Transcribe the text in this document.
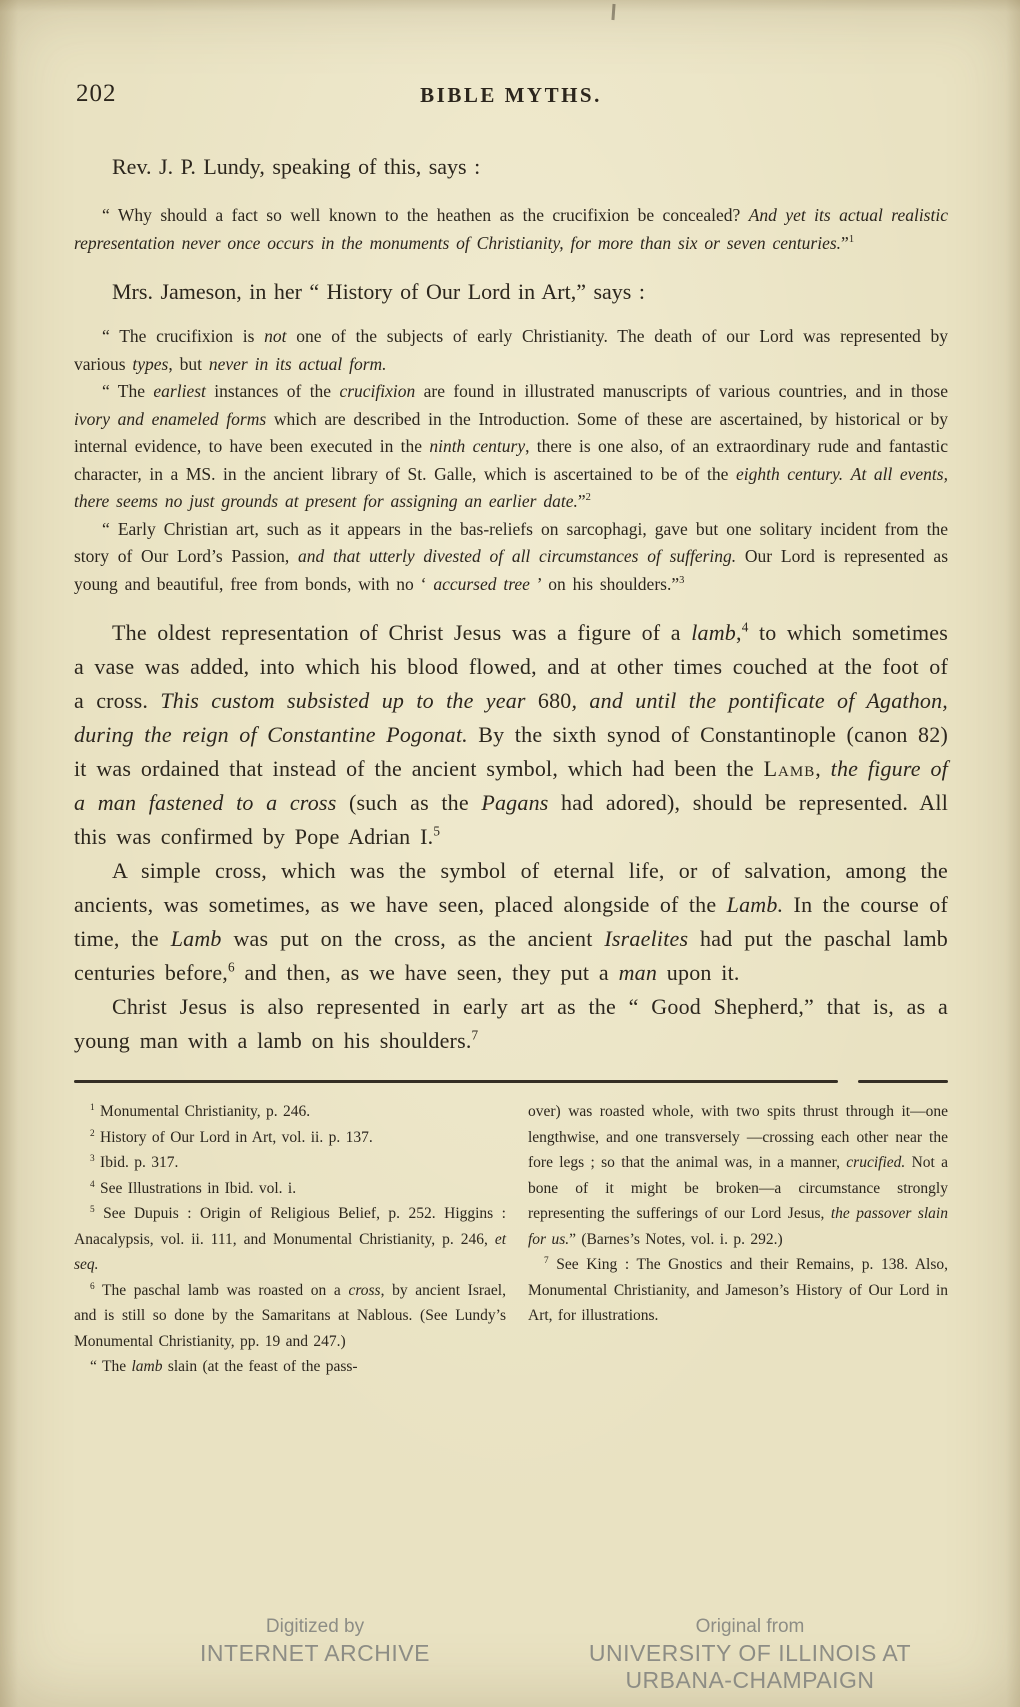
202	BIBLE MYTHS.

Rev. J. P. Lundy, speaking of this, says :

“ Why should a fact so well known to the heathen as the crucifixion be concealed? And yet its actual realistic representation never once occurs in the monuments of Christianity, for more than six or seven centuries.”$^1$

Mrs. Jameson, in her “ History of Our Lord in Art,” says :

“ The crucifixion is not one of the subjects of early Christianity. The death of our Lord was represented by various types, but never in its actual form.

“ The earliest instances of the crucifixion are found in illustrated manuscripts of various countries, and in those ivory and enameled forms which are described in the Introduction. Some of these are ascertained, by historical or by internal evidence, to have been executed in the ninth century, there is one also, of an extraordinary rude and fantastic character, in a MS. in the ancient library of St. Galle, which is ascertained to be of the eighth century. At all events, there seems no just grounds at present for assigning an earlier date.”$^2$

“ Early Christian art, such as it appears in the bas-reliefs on sarcophagi, gave but one solitary incident from the story of Our Lord’s Passion, and that utterly divested of all circumstances of suffering. Our Lord is represented as young and beautiful, free from bonds, with no ‘ accursed tree ’ on his shoulders.”$^3$

The oldest representation of Christ Jesus was a figure of a lamb,$^4$ to which sometimes a vase was added, into which his blood flowed, and at other times couched at the foot of a cross. This custom subsisted up to the year 680, and until the pontificate of Agathon, during the reign of Constantine Pogonat. By the sixth synod of Constantinople (canon 82) it was ordained that instead of the ancient symbol, which had been the Lamb, the figure of a man fastened to a cross (such as the Pagans had adored), should be represented. All this was confirmed by Pope Adrian I.$^5$

A simple cross, which was the symbol of eternal life, or of salvation, among the ancients, was sometimes, as we have seen, placed alongside of the Lamb. In the course of time, the Lamb was put on the cross, as the ancient Israelites had put the paschal lamb centuries before,$^6$ and then, as we have seen, they put a man upon it.

Christ Jesus is also represented in early art as the “ Good Shepherd,” that is, as a young man with a lamb on his shoulders.$^7$

$^1$ Monumental Christianity, p. 246.

$^2$ History of Our Lord in Art, vol. ii. p. 137.

$^3$ Ibid. p. 317.

$^4$ See Illustrations in Ibid. vol. i.

$^5$ See Dupuis : Origin of Religious Belief, p. 252. Higgins : Anacalypsis, vol. ii. 111, and Monumental Christianity, p. 246, et seq.

$^6$ The paschal lamb was roasted on a cross, by ancient Israel, and is still so done by the Samaritans at Nablous. (See Lundy’s Monumental Christianity, pp. 19 and 247.)

“ The lamb slain (at the feast of the pass-

over) was roasted whole, with two spits thrust through it—one lengthwise, and one transversely —crossing each other near the fore legs ; so that the animal was, in a manner, crucified. Not a bone of it might be broken—a circumstance strongly representing the sufferings of our Lord Jesus, the passover slain for us.” (Barnes’s Notes, vol. i. p. 292.)

$^7$ See King : The Gnostics and their Remains, p. 138. Also, Monumental Christianity, and Jameson’s History of Our Lord in Art, for illustrations.

Digitized by
INTERNET ARCHIVE
Original from
UNIVERSITY OF ILLINOIS AT
URBANA-CHAMPAIGN
